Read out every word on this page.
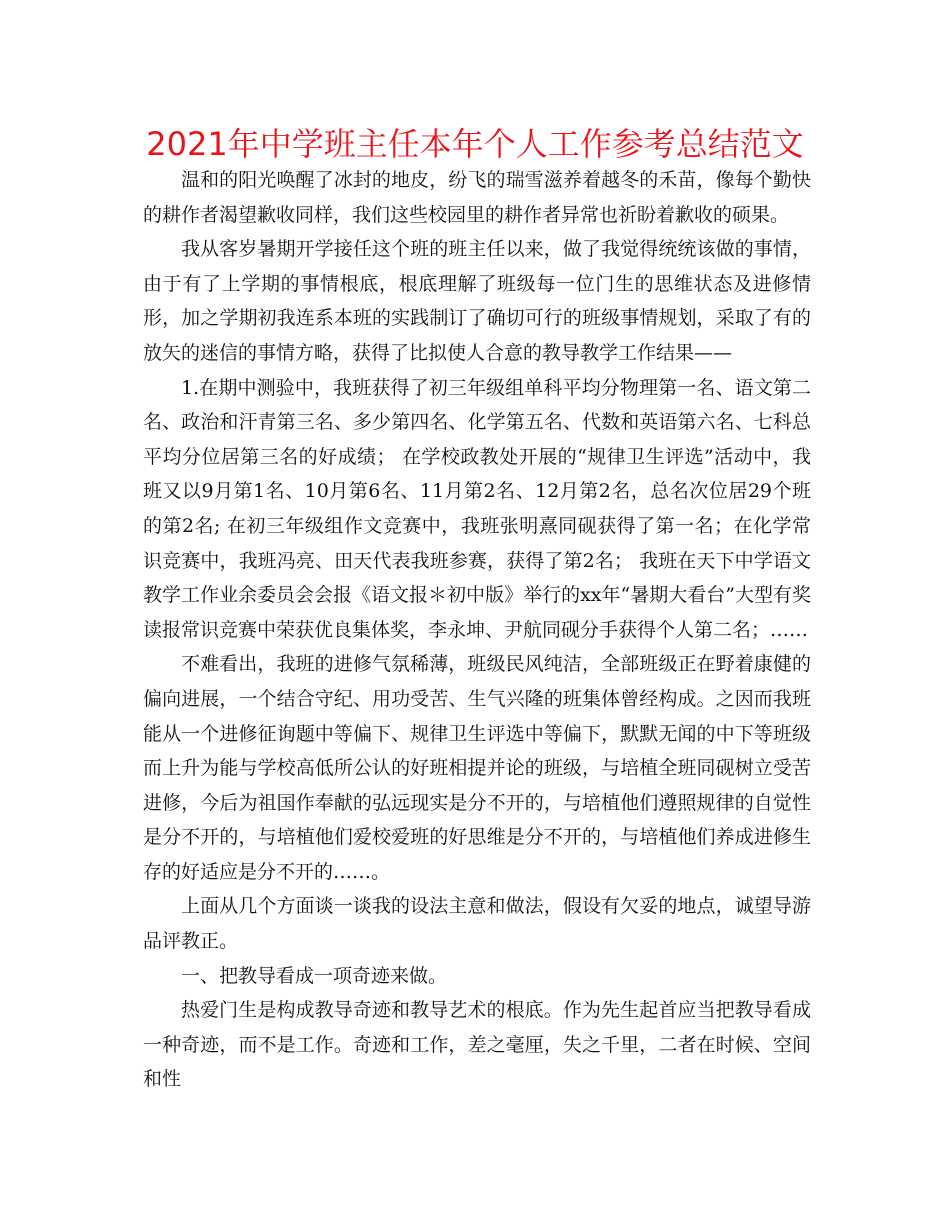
2021年中学班主任本年个人工作参考总结范文

温和的阳光唤醒了冰封的地皮，纷飞的瑞雪滋养着越冬的禾苗，像每个勤快的耕作者渴望歉收同样，我们这些校园里的耕作者异常也祈盼着歉收的硕果。

我从客岁暑期开学接任这个班的班主任以来，做了我觉得统统该做的事情，由于有了上学期的事情根底，根底理解了班级每一位门生的思维状态及进修情形，加之学期初我连系本班的实践制订了确切可行的班级事情规划，采取了有的放矢的迷信的事情方略，获得了比拟使人合意的教导教学工作结果——

1.在期中测验中，我班获得了初三年级组单科平均分物理第一名、语文第二名、政治和汗青第三名、多少第四名、化学第五名、代数和英语第六名、七科总平均分位居第三名的好成绩； 在学校政教处开展的“规律卫生评选”活动中，我班又以9月第1名、10月第6名、11月第2名、12月第2名，总名次位居29个班的第2名; 在初三年级组作文竞赛中，我班张明熹同砚获得了第一名；在化学常识竞赛中，我班冯亮、田天代表我班参赛，获得了第2名； 我班在天下中学语文教学工作业余委员会会报《语文报＊初中版》举行的xx年“暑期大看台”大型有奖读报常识竞赛中荣获优良集体奖，李永坤、尹航同砚分手获得个人第二名；……

不难看出，我班的进修气氛稀薄，班级民风纯洁，全部班级正在野着康健的偏向进展，一个结合守纪、用功受苦、生气兴隆的班集体曾经构成。之因而我班能从一个进修征询题中等偏下、规律卫生评选中等偏下，默默无闻的中下等班级而上升为能与学校高低所公认的好班相提并论的班级，与培植全班同砚树立受苦进修，今后为祖国作奉献的弘远现实是分不开的，与培植他们遵照规律的自觉性是分不开的，与培植他们爱校爱班的好思维是分不开的，与培植他们养成进修生存的好适应是分不开的……。

上面从几个方面谈一谈我的设法主意和做法，假设有欠妥的地点，诚望导游品评教正。

一、把教导看成一项奇迹来做。

热爱门生是构成教导奇迹和教导艺术的根底。作为先生起首应当把教导看成一种奇迹，而不是工作。奇迹和工作，差之毫厘，失之千里，二者在时候、空间和性
